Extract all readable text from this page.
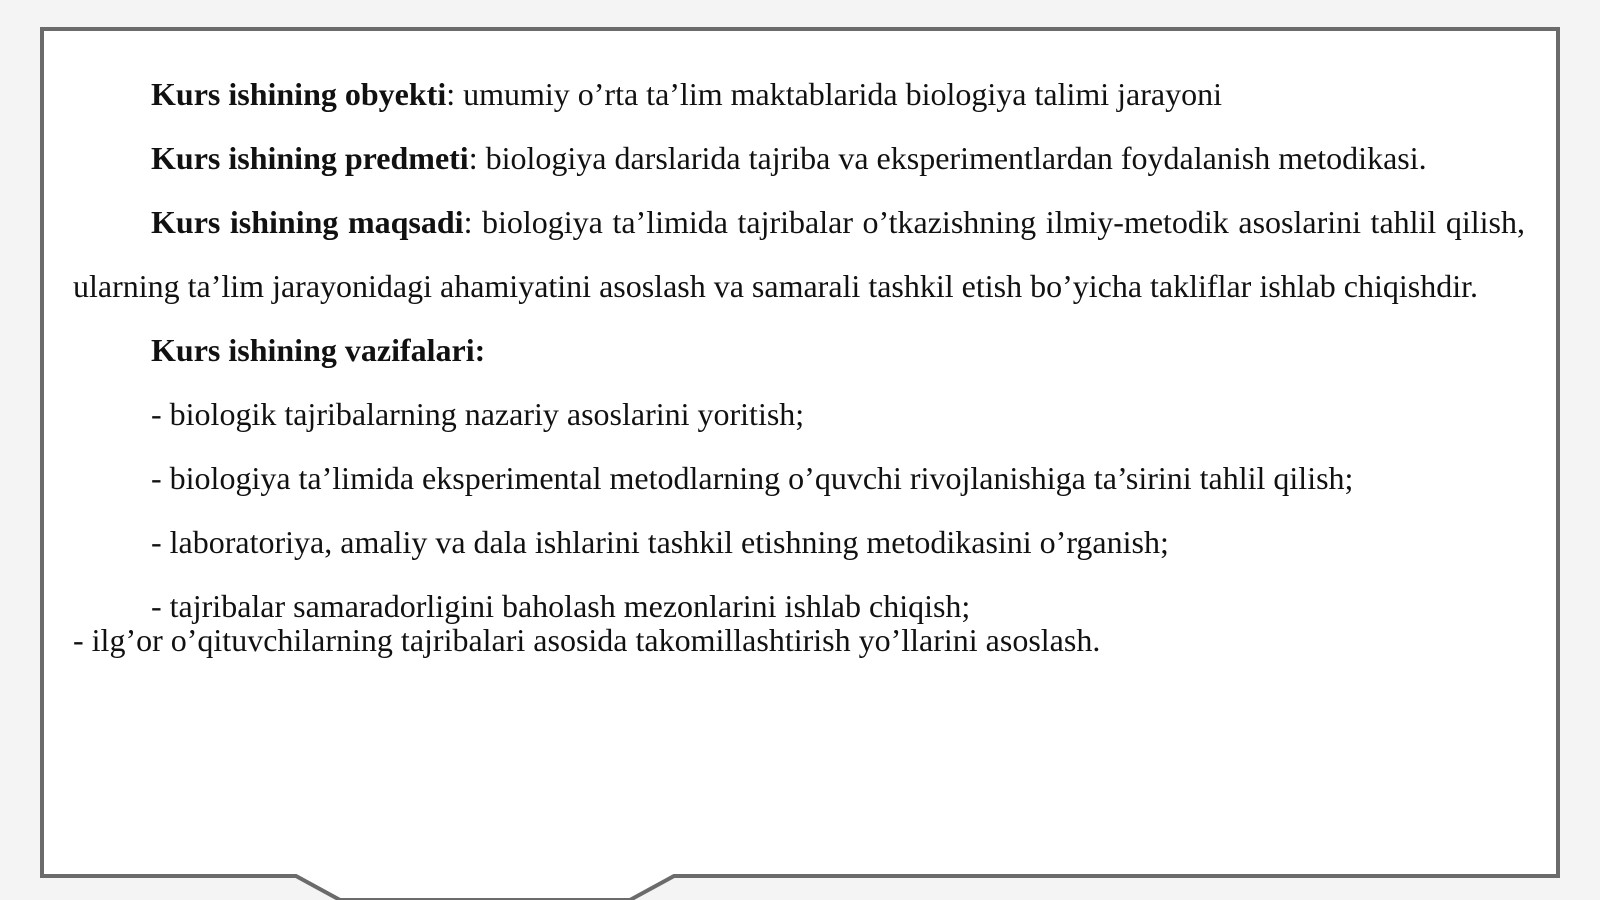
Kurs ishining obyekti: umumiy o’rta ta’lim maktablarida biologiya talimi jarayoni

Kurs ishining predmeti: biologiya darslarida tajriba va eksperimentlardan foydalanish metodikasi.

Kurs ishining maqsadi: biologiya ta’limida tajribalar o’tkazishning ilmiy-metodik asoslarini tahlil qilish, ularning ta’lim jarayonidagi ahamiyatini asoslash va samarali tashkil etish bo’yicha takliflar ishlab chiqishdir.

Kurs ishining vazifalari:

- biologik tajribalarning nazariy asoslarini yoritish;

- biologiya ta’limida eksperimental metodlarning o’quvchi rivojlanishiga ta’sirini tahlil qilish;

- laboratoriya, amaliy va dala ishlarini tashkil etishning metodikasini o’rganish;

- tajribalar samaradorligini baholash mezonlarini ishlab chiqish;

- ilg’or o’qituvchilarning tajribalari asosida takomillashtirish yo’llarini asoslash.
